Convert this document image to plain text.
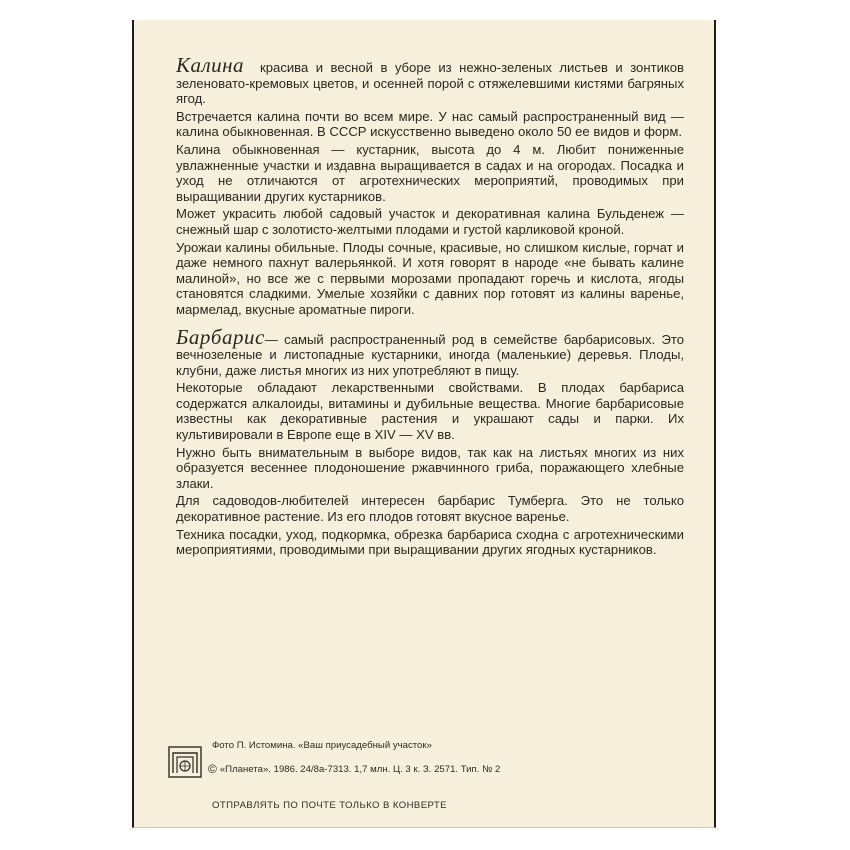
Калина красива и весной в уборе из нежно-зеленых листьев и зонтиков зеленовато-кремовых цветов, и осенней порой с отяжелевшими кистями багряных ягод.

Встречается калина почти во всем мире. У нас самый распространенный вид — калина обыкновенная. В СССР искусственно выведено около 50 ее видов и форм.

Калина обыкновенная — кустарник, высота до 4 м. Любит пониженные увлажненные участки и издавна выращивается в садах и на огородах. Посадка и уход не отличаются от агротехнических мероприятий, проводимых при выращивании других кустарников.

Может украсить любой садовый участок и декоративная калина Бульденеж — снежный шар с золотисто-желтыми плодами и густой карликовой кроной.

Урожаи калины обильные. Плоды сочные, красивые, но слишком кислые, горчат и даже немного пахнут валерьянкой. И хотя говорят в народе «не бывать калине малиной», но все же с первыми морозами пропадают горечь и кислота, ягоды становятся сладкими. Умелые хозяйки с давних пор готовят из калины варенье, мармелад, вкусные ароматные пироги.

Барбарис— самый распространенный род в семействе барбарисовых. Это вечнозеленые и листопадные кустарники, иногда (маленькие) деревья. Плоды, клубни, даже листья многих из них употребляют в пищу.

Некоторые обладают лекарственными свойствами. В плодах барбариса содержатся алкалоиды, витамины и дубильные вещества. Многие барбарисовые известны как декоративные растения и украшают сады и парки. Их культивировали в Европе еще в XIV — XV вв.

Нужно быть внимательным в выборе видов, так как на листьях многих из них образуется весеннее плодоношение ржавчинного гриба, поражающего хлебные злаки.

Для садоводов-любителей интересен барбарис Тумберга. Это не только декоративное растение. Из его плодов готовят вкусное варенье.

Техника посадки, уход, подкормка, обрезка барбариса сходна с агротехническими мероприятиями, проводимыми при выращивании других ягодных кустарников.

Фото П. Истомина. «Ваш приусадебный участок»
© «Планета». 1986. 24/8а-7313. 1,7 млн. Ц. 3 к. З. 2571. Тип. № 2
ОТПРАВЛЯТЬ ПО ПОЧТЕ ТОЛЬКО В КОНВЕРТЕ
